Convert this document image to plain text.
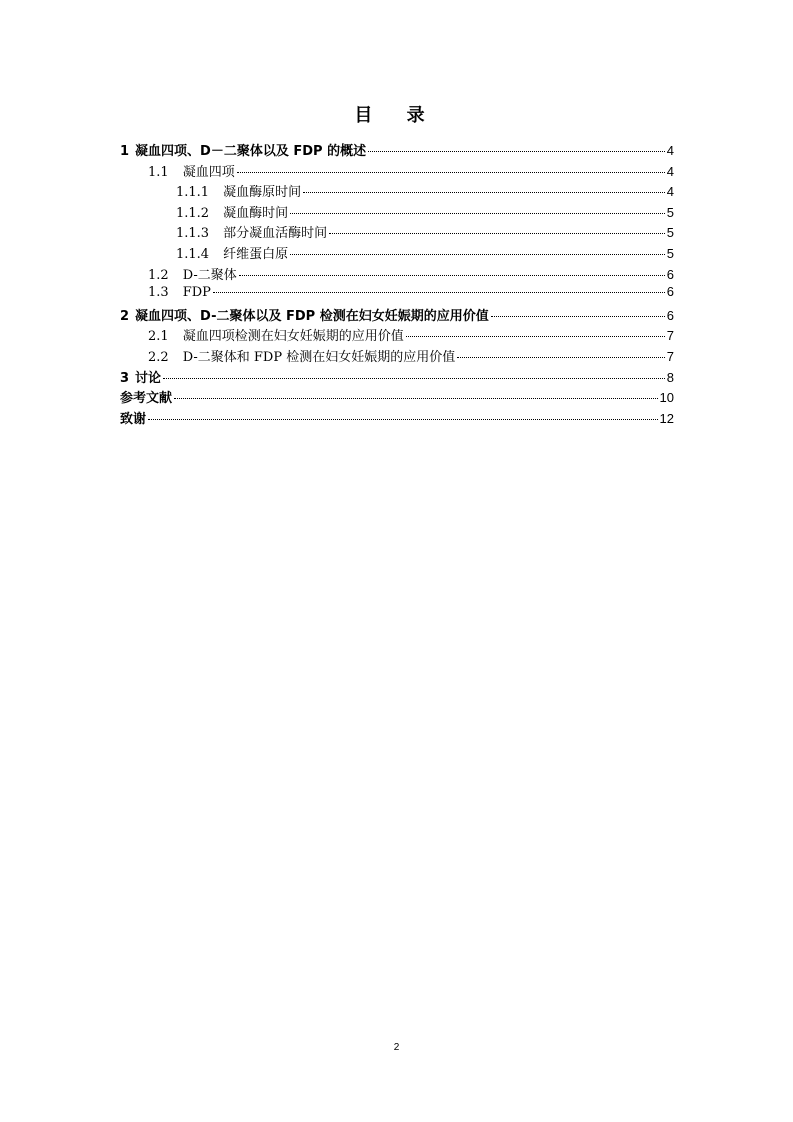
目 录
1 凝血四项、D－二聚体以及 FDP 的概述	4
1.1 凝血四项	4
1.1.1 凝血酶原时间	4
1.1.2 凝血酶时间	5
1.1.3 部分凝血活酶时间	5
1.1.4 纤维蛋白原	5
1.2 D-二聚体	6
1.3 FDP	6
2 凝血四项、D-二聚体以及 FDP 检测在妇女妊娠期的应用价值	6
2.1 凝血四项检测在妇女妊娠期的应用价值	7
2.2 D-二聚体和 FDP 检测在妇女妊娠期的应用价值	7
3 讨论	8
参考文献	10
致谢	12
2
